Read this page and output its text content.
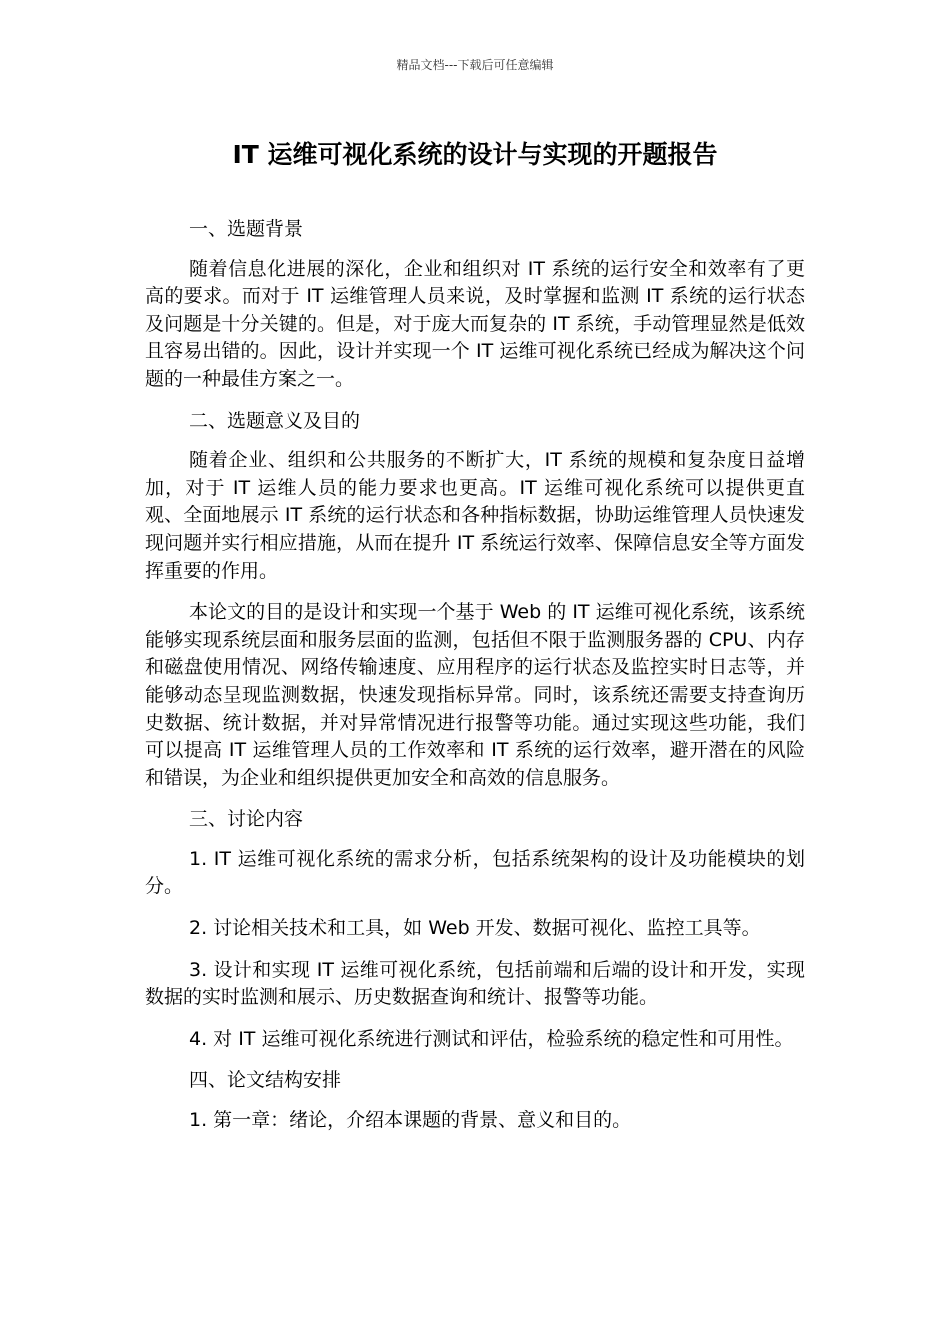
精品文档---下载后可任意编辑
IT 运维可视化系统的设计与实现的开题报告
一、选题背景

随着信息化进展的深化，企业和组织对 IT 系统的运行安全和效率有了更高的要求。而对于 IT 运维管理人员来说，及时掌握和监测 IT 系统的运行状态及问题是十分关键的。但是，对于庞大而复杂的 IT 系统，手动管理显然是低效且容易出错的。因此，设计并实现一个 IT 运维可视化系统已经成为解决这个问题的一种最佳方案之一。

二、选题意义及目的

随着企业、组织和公共服务的不断扩大，IT 系统的规模和复杂度日益增加，对于 IT 运维人员的能力要求也更高。IT 运维可视化系统可以提供更直观、全面地展示 IT 系统的运行状态和各种指标数据，协助运维管理人员快速发现问题并实行相应措施，从而在提升 IT 系统运行效率、保障信息安全等方面发挥重要的作用。

本论文的目的是设计和实现一个基于 Web 的 IT 运维可视化系统，该系统能够实现系统层面和服务层面的监测，包括但不限于监测服务器的 CPU、内存和磁盘使用情况、网络传输速度、应用程序的运行状态及监控实时日志等，并能够动态呈现监测数据，快速发现指标异常。同时，该系统还需要支持查询历史数据、统计数据，并对异常情况进行报警等功能。通过实现这些功能，我们可以提高 IT 运维管理人员的工作效率和 IT 系统的运行效率，避开潜在的风险和错误，为企业和组织提供更加安全和高效的信息服务。

三、讨论内容

1. IT 运维可视化系统的需求分析，包括系统架构的设计及功能模块的划分。

2. 讨论相关技术和工具，如 Web 开发、数据可视化、监控工具等。

3. 设计和实现 IT 运维可视化系统，包括前端和后端的设计和开发，实现数据的实时监测和展示、历史数据查询和统计、报警等功能。

4. 对 IT 运维可视化系统进行测试和评估，检验系统的稳定性和可用性。

四、论文结构安排

1. 第一章：绪论，介绍本课题的背景、意义和目的。
